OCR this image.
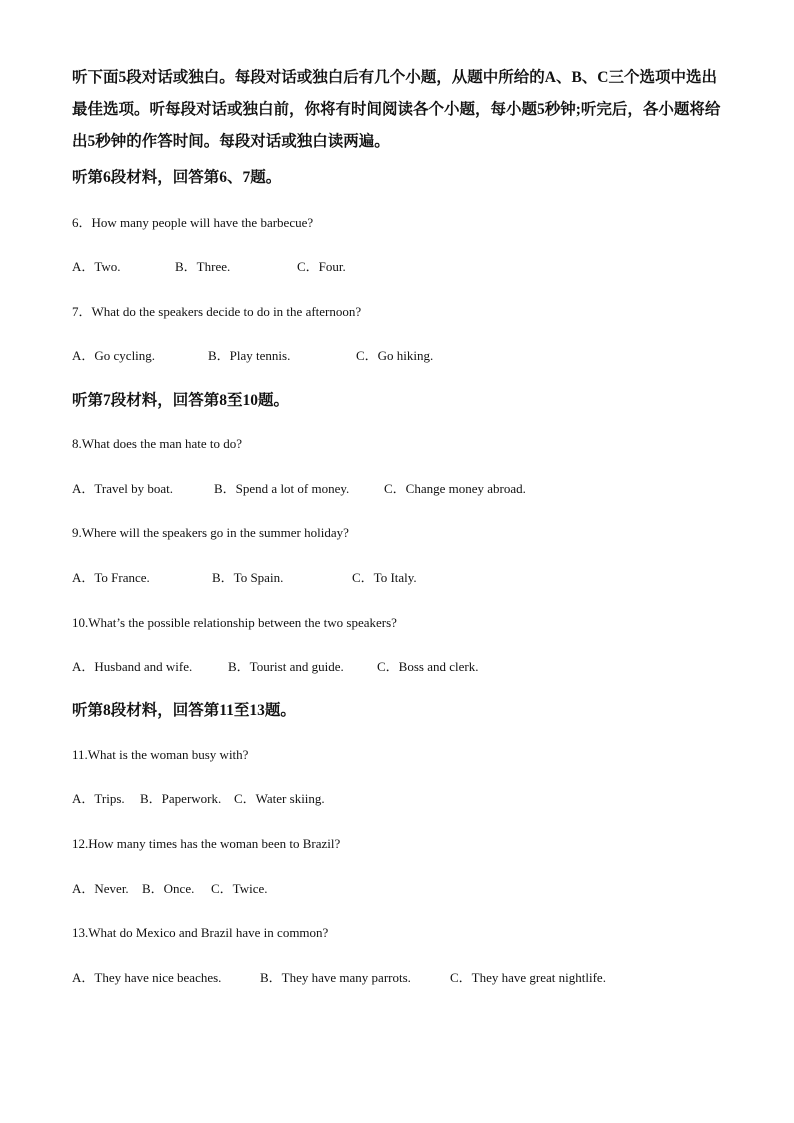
听下面5段对话或独白。每段对话或独白后有几个小题，从题中所给的A、B、C三个选项中选出最佳选项。听每段对话或独白前，你将有时间阅读各个小题，每小题5秒钟;听完后，各小题将给出5秒钟的作答时间。每段对话或独白读两遍。

听第6段材料，回答第6、7题。

6．How many people will have the barbecue?

A．Two.	B．Three.	C．Four.

7．What do the speakers decide to do in the afternoon?

A．Go cycling.	B．Play tennis.	C．Go hiking.

听第7段材料，回答第8至10题。

8.What does the man hate to do?

A．Travel by boat.	B．Spend a lot of money.	C．Change money abroad.

9.Where will the speakers go in the summer holiday?

A．To France.	B．To Spain.	C．To Italy.

10.What’s the possible relationship between the two speakers?

A．Husband and wife.	B．Tourist and guide.	C．Boss and clerk.

听第8段材料，回答第11至13题。

11.What is the woman busy with?

A．Trips. B．Paperwork. C．Water skiing.

12.How many times has the woman been to Brazil?

A．Never. B．Once. C．Twice.

13.What do Mexico and Brazil have in common?

A．They have nice beaches.	B．They have many parrots.	C．They have great nightlife.
